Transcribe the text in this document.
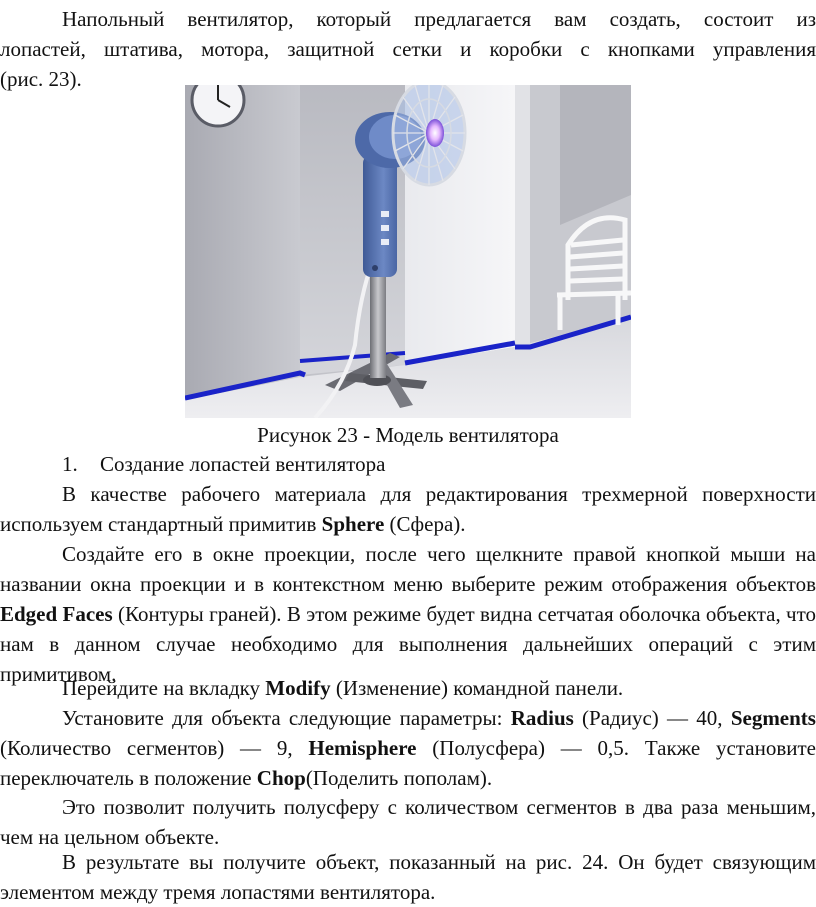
Напольный вентилятор, который предлагается вам создать, состоит из
лопастей, штатива, мотора, защитной сетки и коробки с кнопками управления
(рис. 23).
Рисунок 23 - Модель вентилятора
1. Создание лопастей вентилятора
В качестве рабочего материала для редактирования трехмерной поверхности используем стандартный примитив Sphere (Сфера).
Создайте его в окне проекции, после чего щелкните правой кнопкой мыши на названии окна проекции и в контекстном меню выберите режим отображения объектов Edged Faces (Контуры граней). В этом режиме будет видна сетчатая оболочка объекта, что нам в данном случае необходимо для выполнения дальнейших операций с этим примитивом.
Перейдите на вкладку Modify (Изменение) командной панели.
Установите для объекта следующие параметры: Radius (Радиус) — 40, Segments (Количество сегментов) — 9, Hemisphere (Полусфера) — 0,5. Также установите переключатель в положение Chop(Поделить пополам).
Это позволит получить полусферу с количеством сегментов в два раза меньшим, чем на цельном объекте.
В результате вы получите объект, показанный на рис. 24. Он будет связующим элементом между тремя лопастями вентилятора.
